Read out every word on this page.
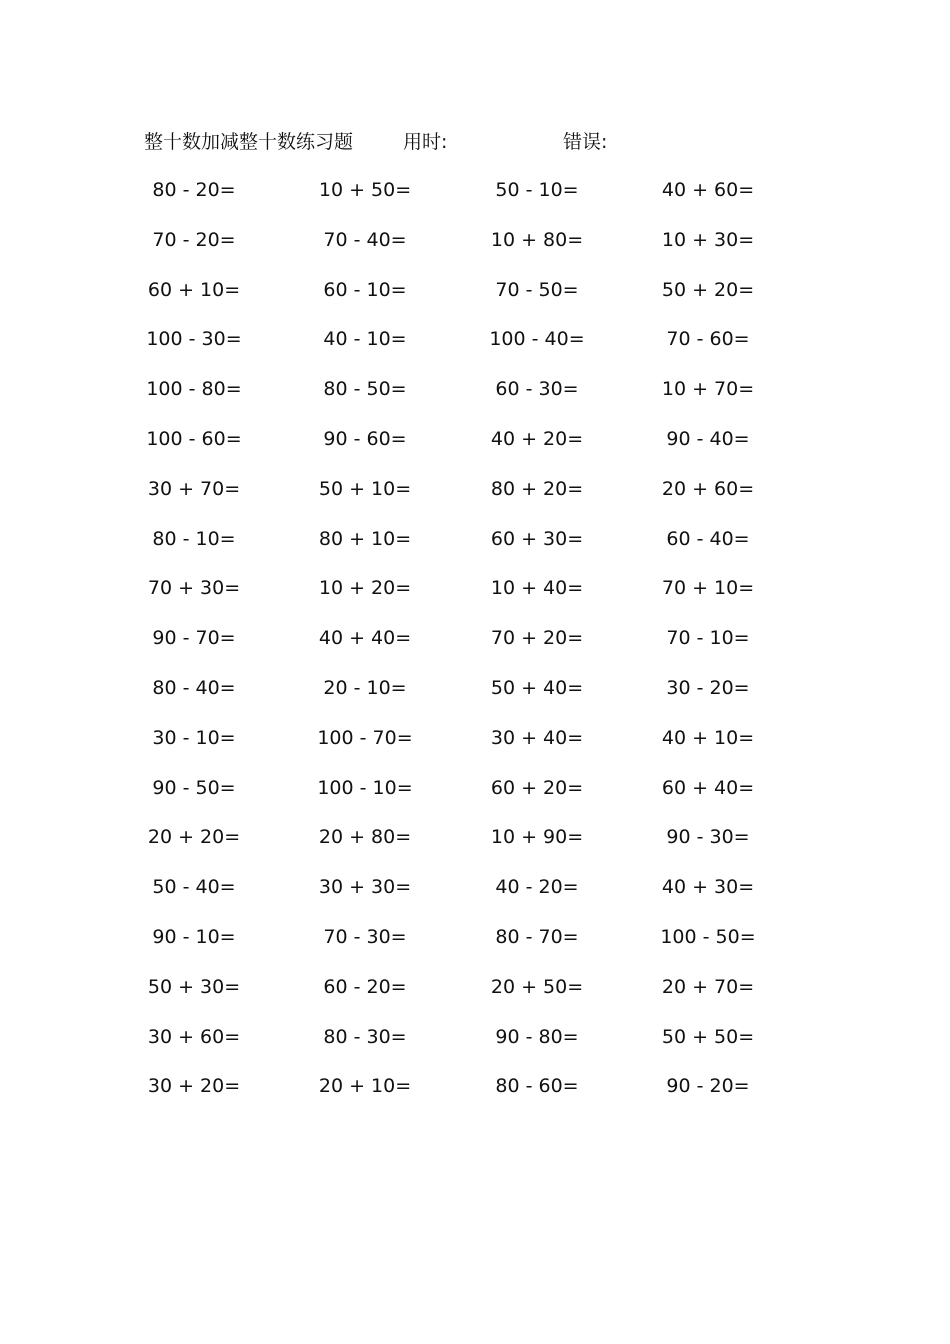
整十数加减整十数练习题	用时:	错误:
80 - 20=	10 + 50=	50 - 10=	40 + 60=
70 - 20=	70 - 40=	10 + 80=	10 + 30=
60 + 10=	60 - 10=	70 - 50=	50 + 20=
100 - 30=	40 - 10=	100 - 40=	70 - 60=
100 - 80=	80 - 50=	60 - 30=	10 + 70=
100 - 60=	90 - 60=	40 + 20=	90 - 40=
30 + 70=	50 + 10=	80 + 20=	20 + 60=
80 - 10=	80 + 10=	60 + 30=	60 - 40=
70 + 30=	10 + 20=	10 + 40=	70 + 10=
90 - 70=	40 + 40=	70 + 20=	70 - 10=
80 - 40=	20 - 10=	50 + 40=	30 - 20=
30 - 10=	100 - 70=	30 + 40=	40 + 10=
90 - 50=	100 - 10=	60 + 20=	60 + 40=
20 + 20=	20 + 80=	10 + 90=	90 - 30=
50 - 40=	30 + 30=	40 - 20=	40 + 30=
90 - 10=	70 - 30=	80 - 70=	100 - 50=
50 + 30=	60 - 20=	20 + 50=	20 + 70=
30 + 60=	80 - 30=	90 - 80=	50 + 50=
30 + 20=	20 + 10=	80 - 60=	90 - 20=
